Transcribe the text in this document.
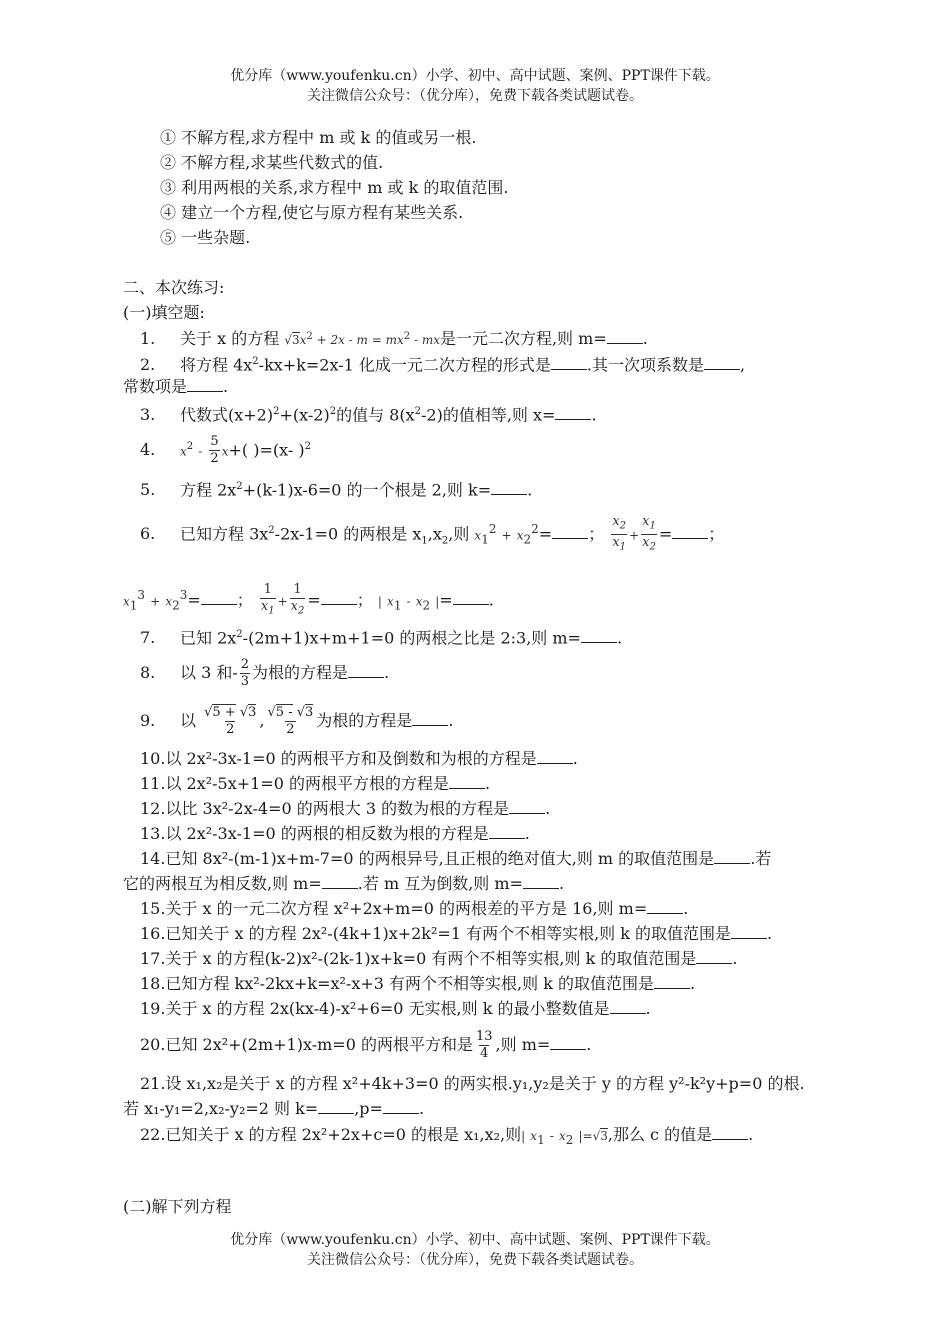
优分库（www.youfenku.cn）小学、初中、高中试题、案例、PPT课件下载。
关注微信公众号：（优分库），免费下载各类试题试卷。
① 不解方程,求方程中 m 或 k 的值或另一根.
② 不解方程,求某些代数式的值.
③ 利用两根的关系,求方程中 m 或 k 的取值范围.
④ 建立一个方程,使它与原方程有某些关系.
⑤ 一些杂题.
二、本次练习:
(一)填空题:
1. 关于 x 的方程 $√3x^2 + 2x - m = mx^2$ - mx是一元二次方程,则 m= .
2. 将方程 $4x^2-kx+k=2x-1$ 化成一元二次方程的形式是 .其一次项系数是 ,
常数项是 .
3. 代数式$(x+2)^2+(x-2)^2$的值与 $8(x^2-2)$的值相等,则 x= .
4. $x^2 - \frac{5}{2} x+$( )=(x- )$^2$
5. 方程 $2x^2+(k-1)x-6=0$ 的一个根是 2,则 k= .
6. 已知方程 $3x^2-2x-1=0$ 的两根是 $x_1,x_2$,则 $x_1^2 + x_2^2=$ ； $\frac{x_2}{x_1} + \frac{x_1}{x_2}$ = ；
$x_1^3 + x_2^3=$ ； $\frac{1}{x_1} + \frac{1}{x_2}$ = ； | $x_1 - x_2$ |= .
7. 已知 $2x^2-(2m+1)x+m+1=0$ 的两根之比是 2:3,则 m= .
8. 以 3 和- $\frac{2}{3}$ 为根的方程是 .
9. 以 $\frac{√5 + √3}{2}$ , $\frac{√5 - √3}{2}$ 为根的方程是 .
10.以 2x²-3x-1=0 的两根平方和及倒数和为根的方程是 .
11.以 2x²-5x+1=0 的两根平方根的方程是 .
12.以比 3x²-2x-4=0 的两根大 3 的数为根的方程是 .
13.以 2x²-3x-1=0 的两根的相反数为根的方程是 .
14.已知 8x²-(m-1)x+m-7=0 的两根异号,且正根的绝对值大,则 m 的取值范围是 .若
它的两根互为相反数,则 m= .若 m 互为倒数,则 m= .
15.关于 x 的一元二次方程 x²+2x+m=0 的两根差的平方是 16,则 m= .
16.已知关于 x 的方程 2x²-(4k+1)x+2k²=1 有两个不相等实根,则 k 的取值范围是 .
17.关于 x 的方程(k-2)x²-(2k-1)x+k=0 有两个不相等实根,则 k 的取值范围是 .
18.已知方程 kx²-2kx+k=x²-x+3 有两个不相等实根,则 k 的取值范围是 .
19.关于 x 的方程 2x(kx-4)-x²+6=0 无实根,则 k 的最小整数值是 .
20.已知 2x²+(2m+1)x-m=0 的两根平方和是 $\frac{13}{4}$ ,则 m= .
21.设 x₁,x₂是关于 x 的方程 x²+4k+3=0 的两实根.y₁,y₂是关于 y 的方程 y²-k²y+p=0 的根.
若 x₁-y₁=2,x₂-y₂=2 则 k= ,p= .
22.已知关于 x 的方程 2x²+2x+c=0 的根是 x₁,x₂,则| $x_1 - x_2$ |=√3,那么 c 的值是 .
(二)解下列方程
优分库（www.youfenku.cn）小学、初中、高中试题、案例、PPT课件下载。
关注微信公众号：（优分库），免费下载各类试题试卷。
